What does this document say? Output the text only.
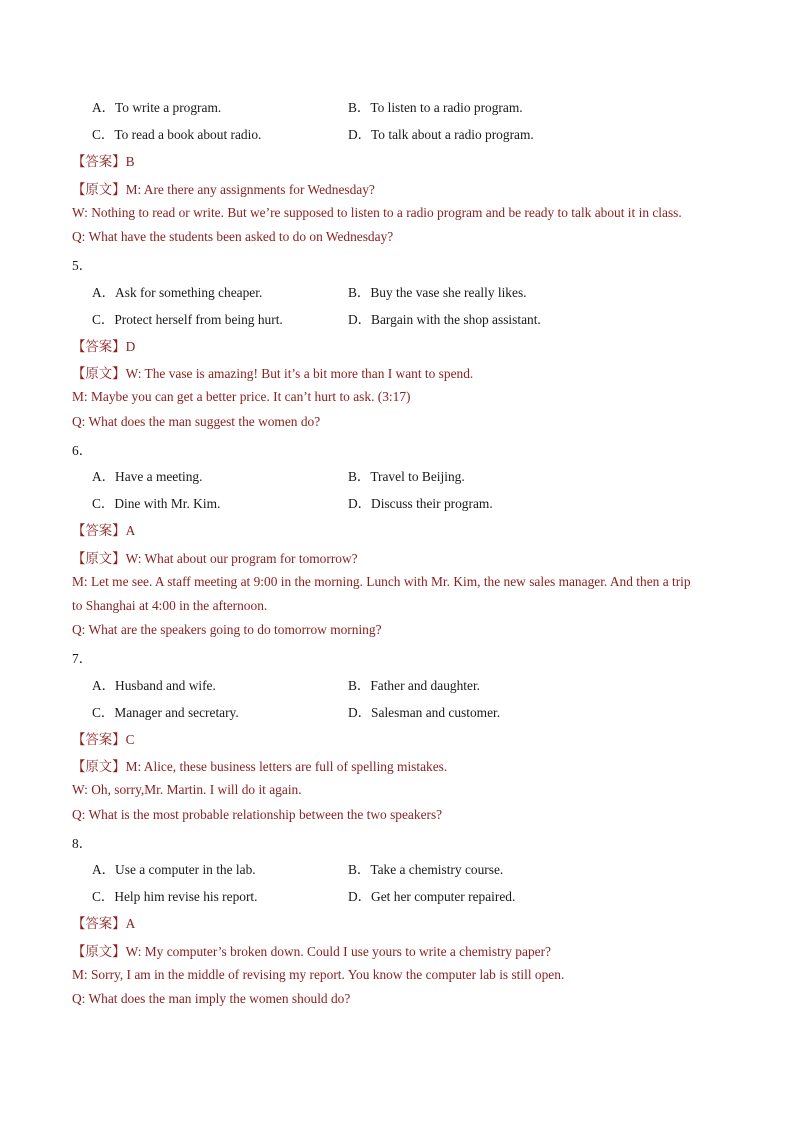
A．To write a program.	B．To listen to a radio program.
C．To read a book about radio.	D．To talk about a radio program.
【答案】B
【原文】M: Are there any assignments for Wednesday?
W: Nothing to read or write. But we’re supposed to listen to a radio program and be ready to talk about it in class.
Q: What have the students been asked to do on Wednesday?
5．
A．Ask for something cheaper.	B．Buy the vase she really likes.
C．Protect herself from being hurt.	D．Bargain with the shop assistant.
【答案】D
【原文】W: The vase is amazing! But it’s a bit more than I want to spend.
M: Maybe you can get a better price. It can’t hurt to ask. (3:17)
Q: What does the man suggest the women do?
6．
A．Have a meeting.	B．Travel to Beijing.
C．Dine with Mr. Kim.	D．Discuss their program.
【答案】A
【原文】W: What about our program for tomorrow?
M: Let me see. A staff meeting at 9:00 in the morning. Lunch with Mr. Kim, the new sales manager. And then a trip
to Shanghai at 4:00 in the afternoon.
Q: What are the speakers going to do tomorrow morning?
7．
A．Husband and wife.	B．Father and daughter.
C．Manager and secretary.	D．Salesman and customer.
【答案】C
【原文】M: Alice, these business letters are full of spelling mistakes.
W: Oh, sorry,Mr. Martin. I will do it again.
Q: What is the most probable relationship between the two speakers?
8．
A．Use a computer in the lab.	B．Take a chemistry course.
C．Help him revise his report.	D．Get her computer repaired.
【答案】A
【原文】W: My computer’s broken down. Could I use yours to write a chemistry paper?
M: Sorry, I am in the middle of revising my report. You know the computer lab is still open.
Q: What does the man imply the women should do?
